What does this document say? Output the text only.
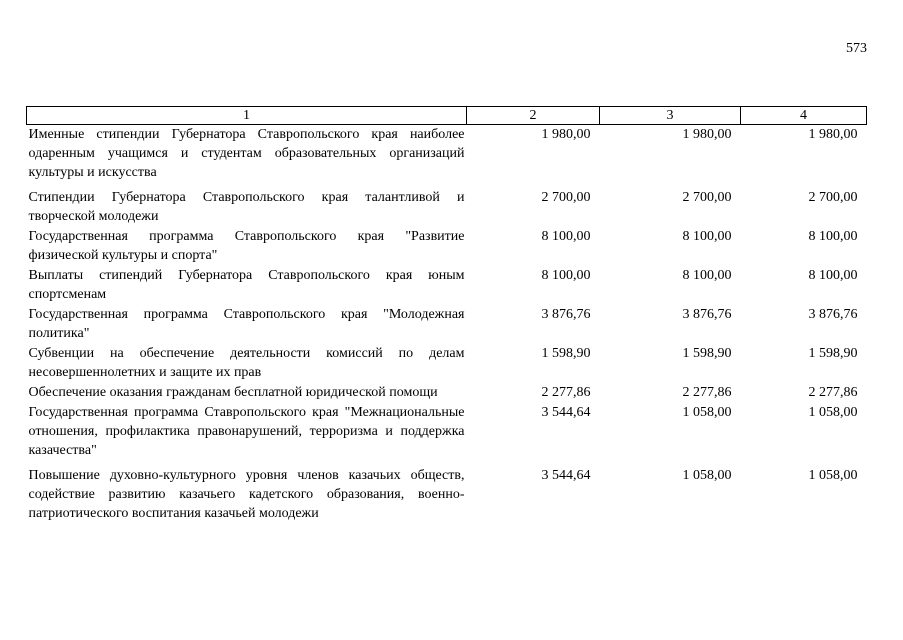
573
1	2	3	4
Именные стипендии Губернатора Ставропольского края наиболее одаренным учащимся и студентам образовательных организаций культуры и искусства	1 980,00	1 980,00	1 980,00
Стипендии Губернатора Ставропольского края талантливой и творческой молодежи	2 700,00	2 700,00	2 700,00
Государственная программа Ставропольского края "Развитие физической культуры и спорта"	8 100,00	8 100,00	8 100,00
Выплаты стипендий Губернатора Ставропольского края юным спортсменам	8 100,00	8 100,00	8 100,00
Государственная программа Ставропольского края "Молодежная политика"	3 876,76	3 876,76	3 876,76
Субвенции на обеспечение деятельности комиссий по делам несовершеннолетних и защите их прав	1 598,90	1 598,90	1 598,90
Обеспечение оказания гражданам бесплатной юридической помощи	2 277,86	2 277,86	2 277,86
Государственная программа Ставропольского края "Межнациональные отношения, профилактика правонарушений, терроризма и поддержка казачества"	3 544,64	1 058,00	1 058,00
Повышение духовно-культурного уровня членов казачьих обществ, содействие развитию казачьего кадетского образования, военно-патриотического воспитания казачьей молодежи	3 544,64	1 058,00	1 058,00
